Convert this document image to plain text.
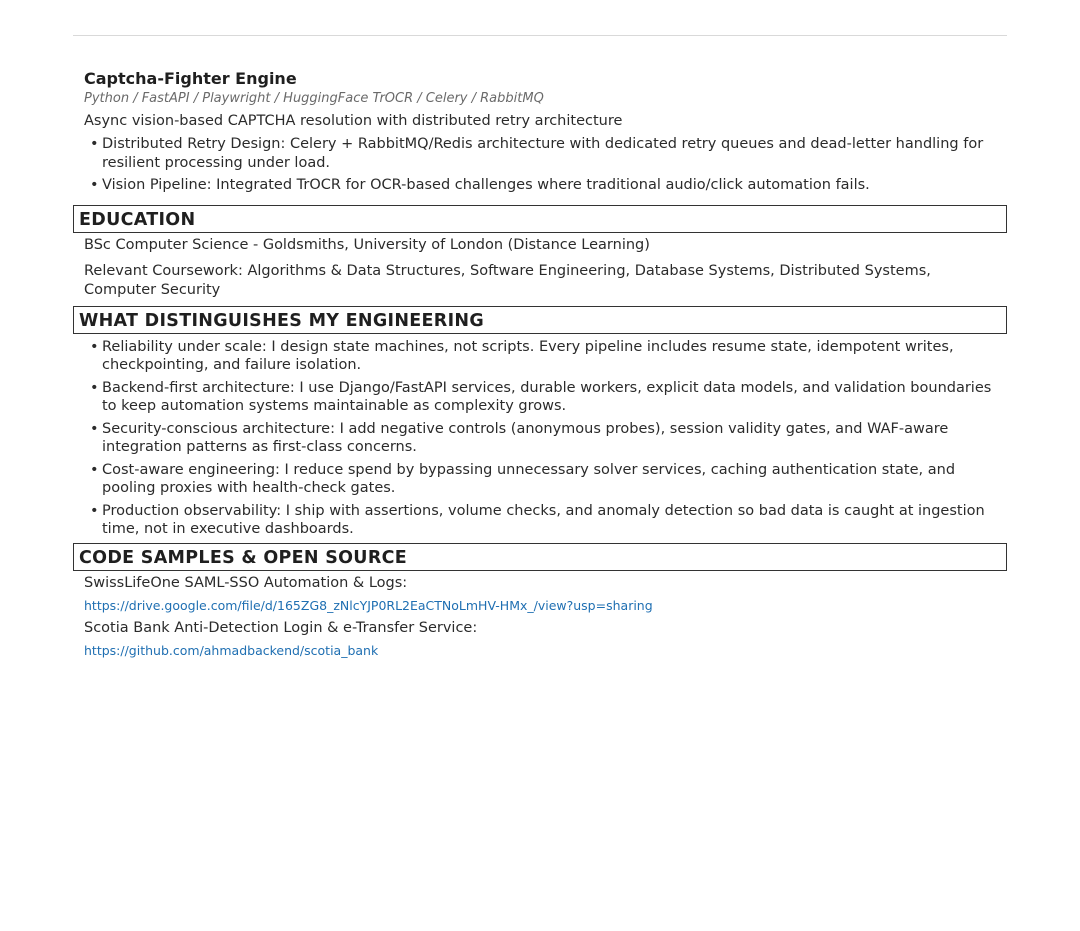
Captcha-Fighter Engine
Python / FastAPI / Playwright / HuggingFace TrOCR / Celery / RabbitMQ
Async vision-based CAPTCHA resolution with distributed retry architecture
• Distributed Retry Design: Celery + RabbitMQ/Redis architecture with dedicated retry queues and dead-letter handling for resilient processing under load.
• Vision Pipeline: Integrated TrOCR for OCR-based challenges where traditional audio/click automation fails.
EDUCATION
BSc Computer Science - Goldsmiths, University of London (Distance Learning)
Relevant Coursework: Algorithms & Data Structures, Software Engineering, Database Systems, Distributed Systems, Computer Security
WHAT DISTINGUISHES MY ENGINEERING
• Reliability under scale: I design state machines, not scripts. Every pipeline includes resume state, idempotent writes, checkpointing, and failure isolation.
• Backend-first architecture: I use Django/FastAPI services, durable workers, explicit data models, and validation boundaries to keep automation systems maintainable as complexity grows.
• Security-conscious architecture: I add negative controls (anonymous probes), session validity gates, and WAF-aware integration patterns as first-class concerns.
• Cost-aware engineering: I reduce spend by bypassing unnecessary solver services, caching authentication state, and pooling proxies with health-check gates.
• Production observability: I ship with assertions, volume checks, and anomaly detection so bad data is caught at ingestion time, not in executive dashboards.
CODE SAMPLES & OPEN SOURCE
SwissLifeOne SAML-SSO Automation & Logs:
https://drive.google.com/file/d/165ZG8_zNlcYJP0RL2EaCTNoLmHV-HMx_/view?usp=sharing
Scotia Bank Anti-Detection Login & e-Transfer Service:
https://github.com/ahmadbackend/scotia_bank
